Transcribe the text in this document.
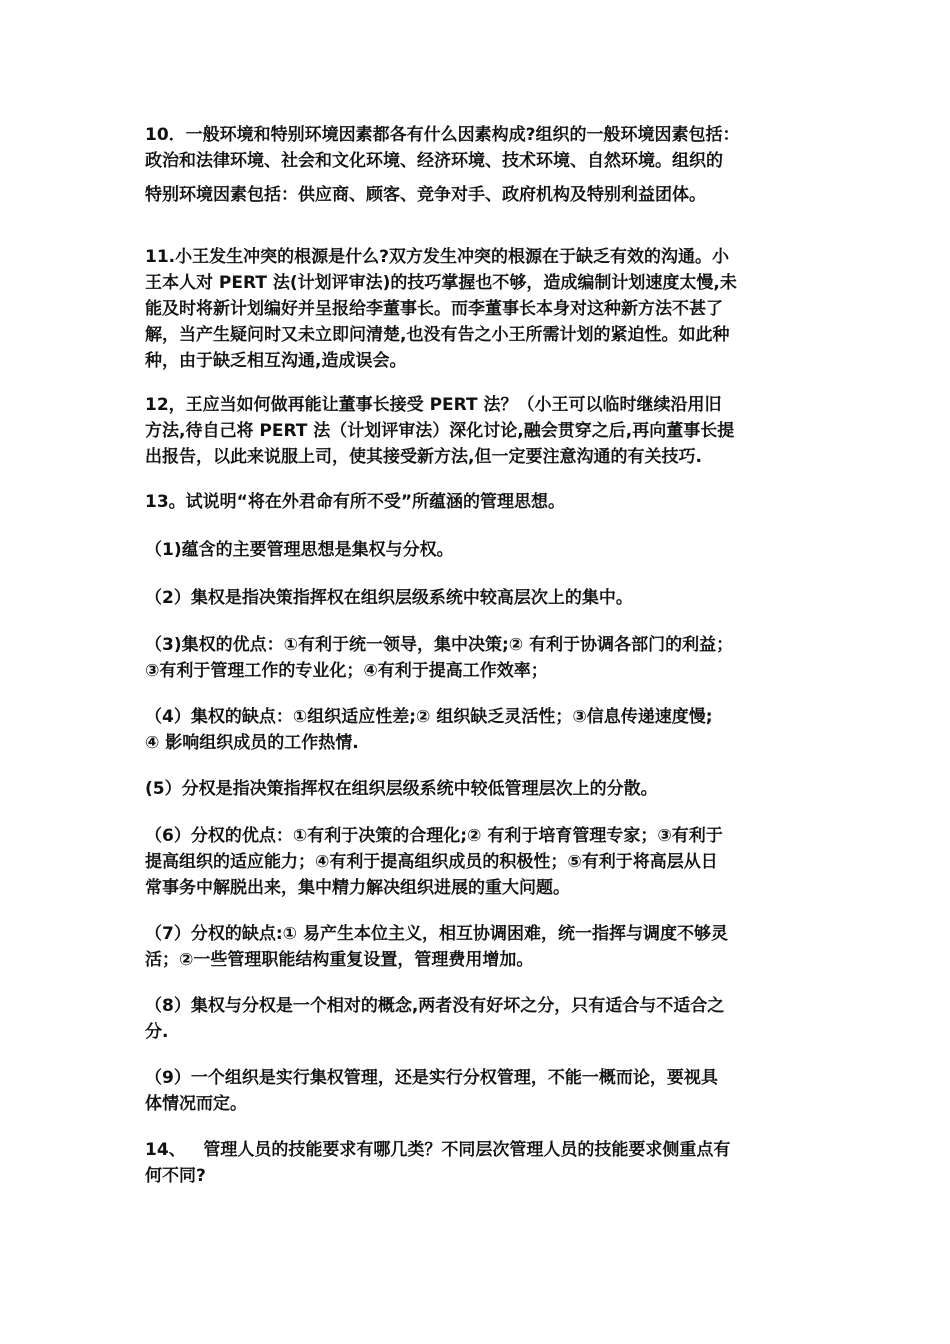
10．一般环境和特别环境因素都各有什么因素构成?组织的一般环境因素包括：
政治和法律环境、社会和文化环境、经济环境、技术环境、自然环境。组织的
特别环境因素包括：供应商、顾客、竞争对手、政府机构及特别利益团体。

11.小王发生冲突的根源是什么?双方发生冲突的根源在于缺乏有效的沟通。小
王本人对 PERT 法(计划评审法)的技巧掌握也不够，造成编制计划速度太慢,未
能及时将新计划编好并呈报给李董事长。而李董事长本身对这种新方法不甚了
解，当产生疑问时又未立即问清楚,也没有告之小王所需计划的紧迫性。如此种
种，由于缺乏相互沟通,造成误会。

12，王应当如何做再能让董事长接受 PERT 法？（小王可以临时继续沿用旧
方法,待自己将 PERT 法（计划评审法）深化讨论,融会贯穿之后,再向董事长提
出报告，以此来说服上司，使其接受新方法,但一定要注意沟通的有关技巧.

13。试说明“将在外君命有所不受”所蕴涵的管理思想。

（1)蕴含的主要管理思想是集权与分权。

（2）集权是指决策指挥权在组织层级系统中较高层次上的集中。

（3)集权的优点：①有利于统一领导，集中决策;② 有利于协调各部门的利益；
③有利于管理工作的专业化；④有利于提高工作效率；

（4）集权的缺点：①组织适应性差;② 组织缺乏灵活性；③信息传递速度慢;
④ 影响组织成员的工作热情.

(5）分权是指决策指挥权在组织层级系统中较低管理层次上的分散。

（6）分权的优点：①有利于决策的合理化;② 有利于培育管理专家；③有利于
提高组织的适应能力；④有利于提高组织成员的积极性；⑤有利于将高层从日
常事务中解脱出来，集中精力解决组织进展的重大问题。

（7）分权的缺点:① 易产生本位主义，相互协调困难，统一指挥与调度不够灵
活；②一些管理职能结构重复设置，管理费用增加。

（8）集权与分权是一个相对的概念,两者没有好坏之分，只有适合与不适合之
分.

（9）一个组织是实行集权管理，还是实行分权管理，不能一概而论，要视具
体情况而定。

14、   管理人员的技能要求有哪几类？不同层次管理人员的技能要求侧重点有
何不同?
